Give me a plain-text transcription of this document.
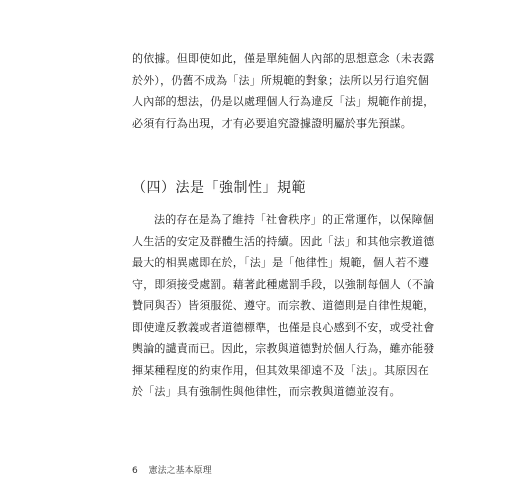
的依據。但即使如此，僅是單純個人內部的思想意念（未表露
於外），仍舊不成為「法」所規範的對象；法所以另行追究個
人內部的想法，仍是以處理個人行為違反「法」規範作前提，
必須有行為出現，才有必要追究證據證明屬於事先預謀。

（四）法是「強制性」規範

法的存在是為了維持「社會秩序」的正常運作，以保障個
人生活的安定及群體生活的持續。因此「法」和其他宗教道德
最大的相異處即在於，「法」是「他律性」規範，個人若不遵
守，即須接受處罰。藉著此種處罰手段，以強制每個人（不論
贊同與否）皆須服從、遵守。而宗教、道德則是自律性規範，
即使違反教義或者道德標準，也僅是良心感到不安，或受社會
輿論的譴責而已。因此，宗教與道德對於個人行為，雖亦能發
揮某種程度的約束作用，但其效果卻遠不及「法」。其原因在
於「法」具有強制性與他律性，而宗教與道德並沒有。

6 憲法之基本原理
